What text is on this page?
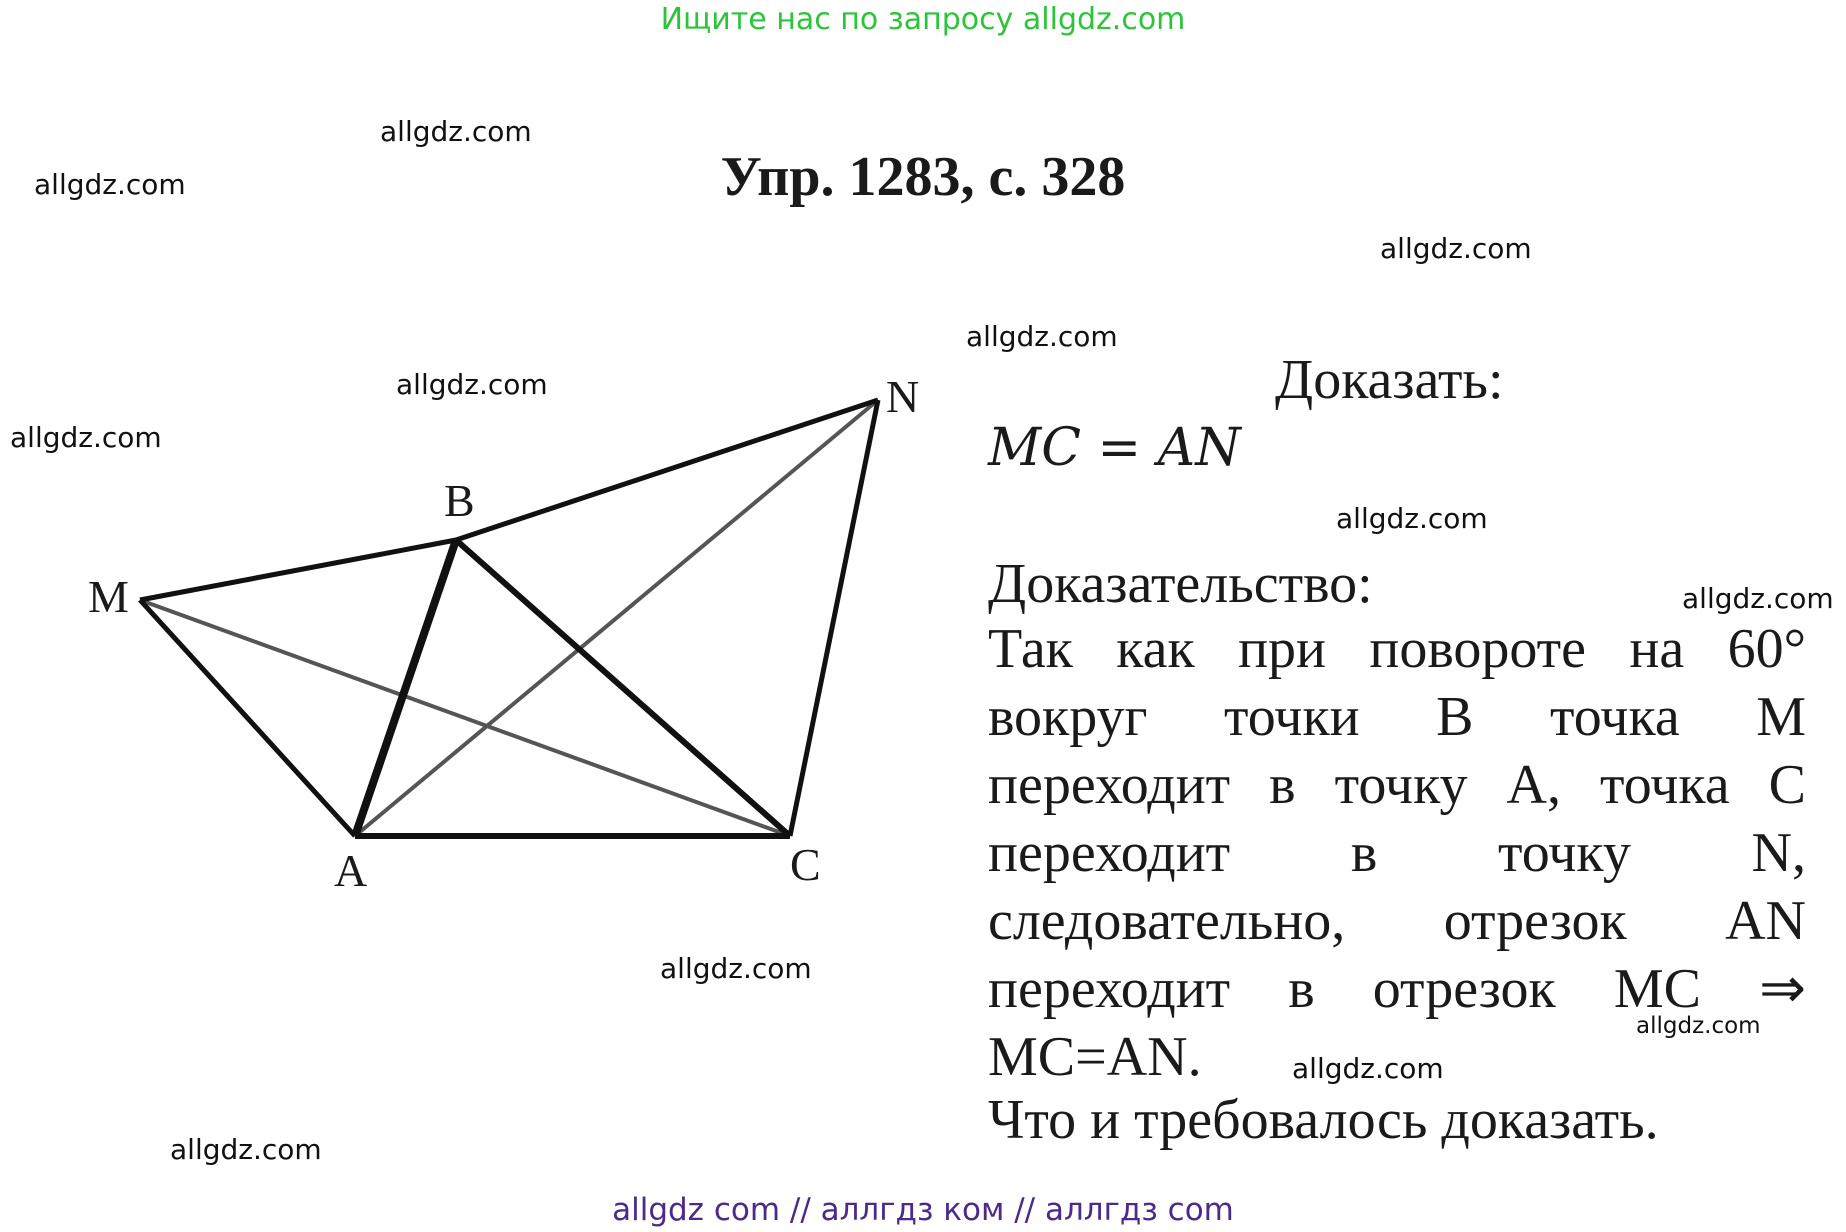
Ищите нас по запросу allgdz.com
Упр. 1283, с. 328
M
B
N
A	C
Доказать:
MC = AN
Доказательство:

Так как при повороте на 60° вокруг точки B точка M переходит в точку A, точка C переходит в точку N, следовательно, отрезок AN переходит в отрезок MC ⇒ MC=AN.

Что и требовалось доказать.
allgdz.com
allgdz.com
allgdz.com
allgdz.com
allgdz.com
allgdz.com
allgdz.com
allgdz.com
allgdz.com
allgdz.com
allgdz.com
allgdz.com
allgdz com // аллгдз ком // аллгдз com
